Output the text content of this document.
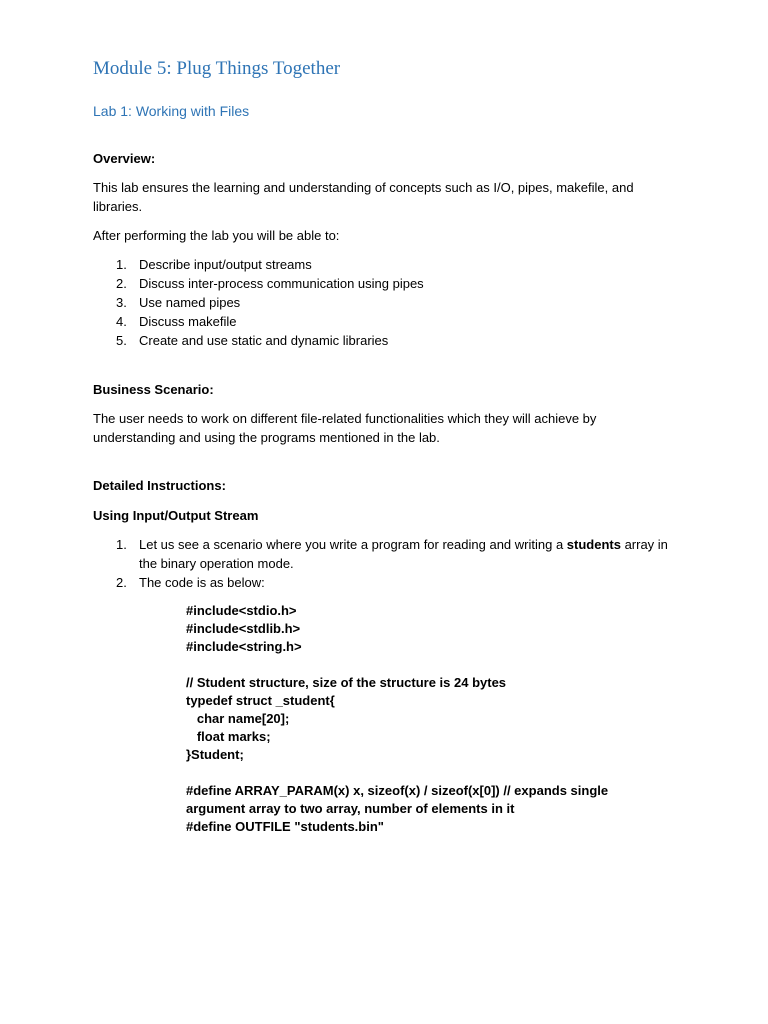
Module 5: Plug Things Together
Lab 1: Working with Files
Overview:

This lab ensures the learning and understanding of concepts such as I/O, pipes, makefile, and libraries.

After performing the lab you will be able to:

1. Describe input/output streams
2. Discuss inter-process communication using pipes
3. Use named pipes
4. Discuss makefile
5. Create and use static and dynamic libraries
Business Scenario:

The user needs to work on different file-related functionalities which they will achieve by understanding and using the programs mentioned in the lab.

Detailed Instructions:
Using Input/Output Stream
1. Let us see a scenario where you write a program for reading and writing a students array in the binary operation mode.
2. The code is as below:
#include<stdio.h>
#include<stdlib.h>
#include<string.h>
// Student structure, size of the structure is 24 bytes
typedef struct _student{
char name[20];
float marks;
}Student;
#define ARRAY_PARAM(x) x, sizeof(x) / sizeof(x[0]) // expands single
argument array to two array, number of elements in it
#define OUTFILE "students.bin"
